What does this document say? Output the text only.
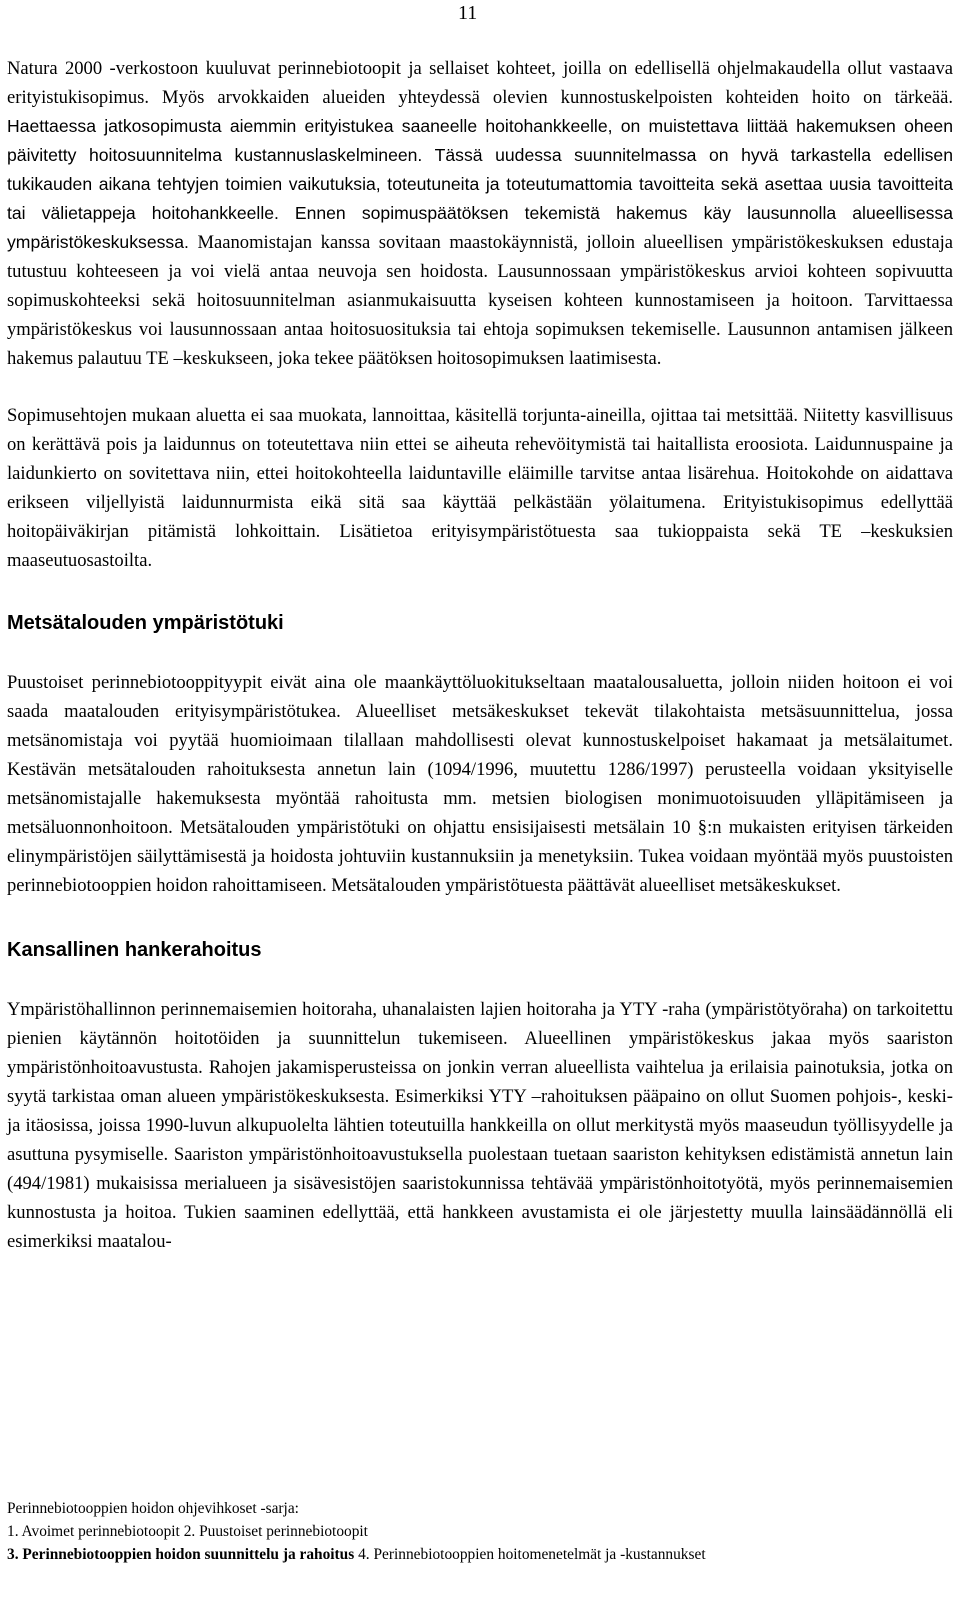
11

Natura 2000 -verkostoon kuuluvat perinnebiotoopit ja sellaiset kohteet, joilla on edellisellä ohjelmakaudella ollut vastaava erityistukisopimus. Myös arvokkaiden alueiden yhteydessä olevien kunnostuskelpoisten kohteiden hoito on tärkeää. Haettaessa jatkosopimusta aiemmin erityistukea saaneelle hoitohankkeelle, on muistettava liittää hakemuksen oheen päivitetty hoitosuunnitelma kustannuslaskelmineen. Tässä uudessa suunnitelmassa on hyvä tarkastella edellisen tukikauden aikana tehtyjen toimien vaikutuksia, toteutuneita ja toteutumattomia tavoitteita sekä asettaa uusia tavoitteita tai välietappeja hoitohankkeelle. Ennen sopimuspäätöksen tekemistä hakemus käy lausunnolla alueellisessa ympäristökeskuksessa. Maanomistajan kanssa sovitaan maastokäynnistä, jolloin alueellisen ympäristökeskuksen edustaja tutustuu kohteeseen ja voi vielä antaa neuvoja sen hoidosta. Lausunnossaan ympäristökeskus arvioi kohteen sopivuutta sopimuskohteeksi sekä hoitosuunnitelman asianmukaisuutta kyseisen kohteen kunnostamiseen ja hoitoon. Tarvittaessa ympäristökeskus voi lausunnossaan antaa hoitosuosituksia tai ehtoja sopimuksen tekemiselle. Lausunnon antamisen jälkeen hakemus palautuu TE –keskukseen, joka tekee päätöksen hoitosopimuksen laatimisesta.

Sopimusehtojen mukaan aluetta ei saa muokata, lannoittaa, käsitellä torjunta-aineilla, ojittaa tai metsittää. Niitetty kasvillisuus on kerättävä pois ja laidunnus on toteutettava niin ettei se aiheuta rehevöitymistä tai haitallista eroosiota. Laidunnuspaine ja laidunkierto on sovitettava niin, ettei hoitokohteella laiduntaville eläimille tarvitse antaa lisärehua. Hoitokohde on aidattava erikseen viljellyistä laidunnurmista eikä sitä saa käyttää pelkästään yölaitumena. Erityistukisopimus edellyttää hoitopäiväkirjan pitämistä lohkoittain. Lisätietoa erityisympäristötuesta saa tukioppaista sekä TE –keskuksien maaseutuosastoilta.

Metsätalouden ympäristötuki

Puustoiset perinnebiotooppityypit eivät aina ole maankäyttöluokitukseltaan maatalousaluetta, jolloin niiden hoitoon ei voi saada maatalouden erityisympäristötukea. Alueelliset metsäkeskukset tekevät tilakohtaista metsäsuunnittelua, jossa metsänomistaja voi pyytää huomioimaan tilallaan mahdollisesti olevat kunnostuskelpoiset hakamaat ja metsälaitumet. Kestävän metsätalouden rahoituksesta annetun lain (1094/1996, muutettu 1286/1997) perusteella voidaan yksityiselle metsänomistajalle hakemuksesta myöntää rahoitusta mm. metsien biologisen monimuotoisuuden ylläpitämiseen ja metsäluonnonhoitoon. Metsätalouden ympäristötuki on ohjattu ensisijaisesti metsälain 10 §:n mukaisten erityisen tärkeiden elinympäristöjen säilyttämisestä ja hoidosta johtuviin kustannuksiin ja menetyksiin. Tukea voidaan myöntää myös puustoisten perinnebiotooppien hoidon rahoittamiseen. Metsätalouden ympäristötuesta päättävät alueelliset metsäkeskukset.

Kansallinen hankerahoitus

Ympäristöhallinnon perinnemaisemien hoitoraha, uhanalaisten lajien hoitoraha ja YTY -raha (ympäristötyöraha) on tarkoitettu pienien käytännön hoitotöiden ja suunnittelun tukemiseen. Alueellinen ympäristökeskus jakaa myös saariston ympäristönhoitoavustusta. Rahojen jakamisperusteissa on jonkin verran alueellista vaihtelua ja erilaisia painotuksia, jotka on syytä tarkistaa oman alueen ympäristökeskuksesta. Esimerkiksi YTY –rahoituksen pääpaino on ollut Suomen pohjois-, keski- ja itäosissa, joissa 1990-luvun alkupuolelta lähtien toteutuilla hankkeilla on ollut merkitystä myös maaseudun työllisyydelle ja asuttuna pysymiselle. Saariston ympäristönhoitoavustuksella puolestaan tuetaan saariston kehityksen edistämistä annetun lain (494/1981) mukaisissa merialueen ja sisävesistöjen saaristokunnissa tehtävää ympäristönhoitotyötä, myös perinnemaisemien kunnostusta ja hoitoa. Tukien saaminen edellyttää, että hankkeen avustamista ei ole järjestetty muulla lainsäädännöllä eli esimerkiksi maatalou-

Perinnebiotooppien hoidon ohjevihkoset -sarja:
1. Avoimet perinnebiotoopit 2. Puustoiset perinnebiotoopit
3. Perinnebiotooppien hoidon suunnittelu ja rahoitus 4. Perinnebiotooppien hoitomenetelmät ja -kustannukset
